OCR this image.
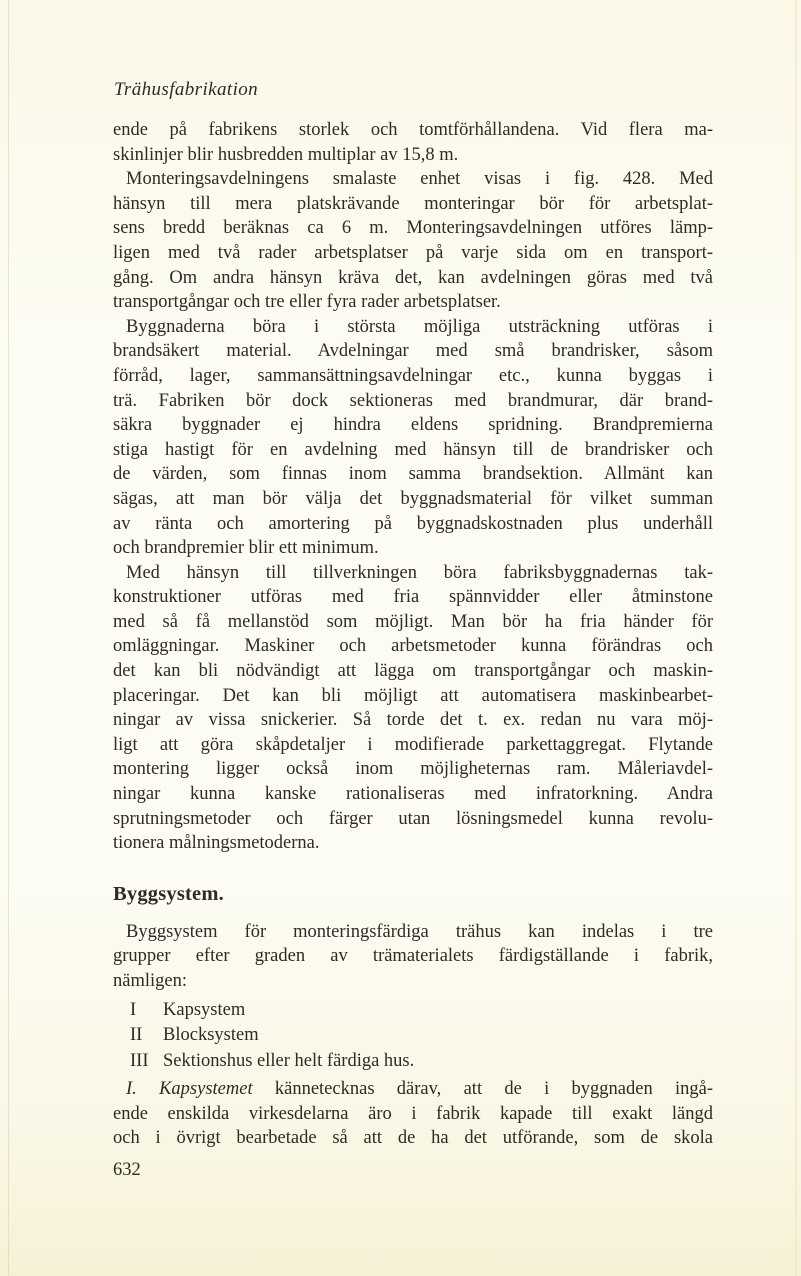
Trähusfabrikation

ende på fabrikens storlek och tomtförhållandena. Vid flera ma-
skinlinjer blir husbredden multiplar av 15,8 m.

Monteringsavdelningens smalaste enhet visas i fig. 428. Med
hänsyn till mera platskrävande monteringar bör för arbetsplat-
sens bredd beräknas ca 6 m. Monteringsavdelningen utföres lämp-
ligen med två rader arbetsplatser på varje sida om en transport-
gång. Om andra hänsyn kräva det, kan avdelningen göras med två
transportgångar och tre eller fyra rader arbetsplatser.

Byggnaderna böra i största möjliga utsträckning utföras i
brandsäkert material. Avdelningar med små brandrisker, såsom
förråd, lager, sammansättningsavdelningar etc., kunna byggas i
trä. Fabriken bör dock sektioneras med brandmurar, där brand-
säkra byggnader ej hindra eldens spridning. Brandpremierna
stiga hastigt för en avdelning med hänsyn till de brandrisker och
de värden, som finnas inom samma brandsektion. Allmänt kan
sägas, att man bör välja det byggnadsmaterial för vilket summan
av ränta och amortering på byggnadskostnaden plus underhåll
och brandpremier blir ett minimum.

Med hänsyn till tillverkningen böra fabriksbyggnadernas tak-
konstruktioner utföras med fria spännvidder eller åtminstone
med så få mellanstöd som möjligt. Man bör ha fria händer för
omläggningar. Maskiner och arbetsmetoder kunna förändras och
det kan bli nödvändigt att lägga om transportgångar och maskin-
placeringar. Det kan bli möjligt att automatisera maskinbearbet-
ningar av vissa snickerier. Så torde det t. ex. redan nu vara möj-
ligt att göra skåpdetaljer i modifierade parkettaggregat. Flytande
montering ligger också inom möjligheternas ram. Måleriavdel-
ningar kunna kanske rationaliseras med infratorkning. Andra
sprutningsmetoder och färger utan lösningsmedel kunna revolu-
tionera målningsmetoderna.

Byggsystem.

Byggsystem för monteringsfärdiga trähus kan indelas i tre
grupper efter graden av trämaterialets färdigställande i fabrik,
nämligen:

I Kapsystem
II Blocksystem
III Sektionshus eller helt färdiga hus.

I. Kapsystemet kännetecknas därav, att de i byggnaden ingå-
ende enskilda virkesdelarna äro i fabrik kapade till exakt längd
och i övrigt bearbetade så att de ha det utförande, som de skola

632
